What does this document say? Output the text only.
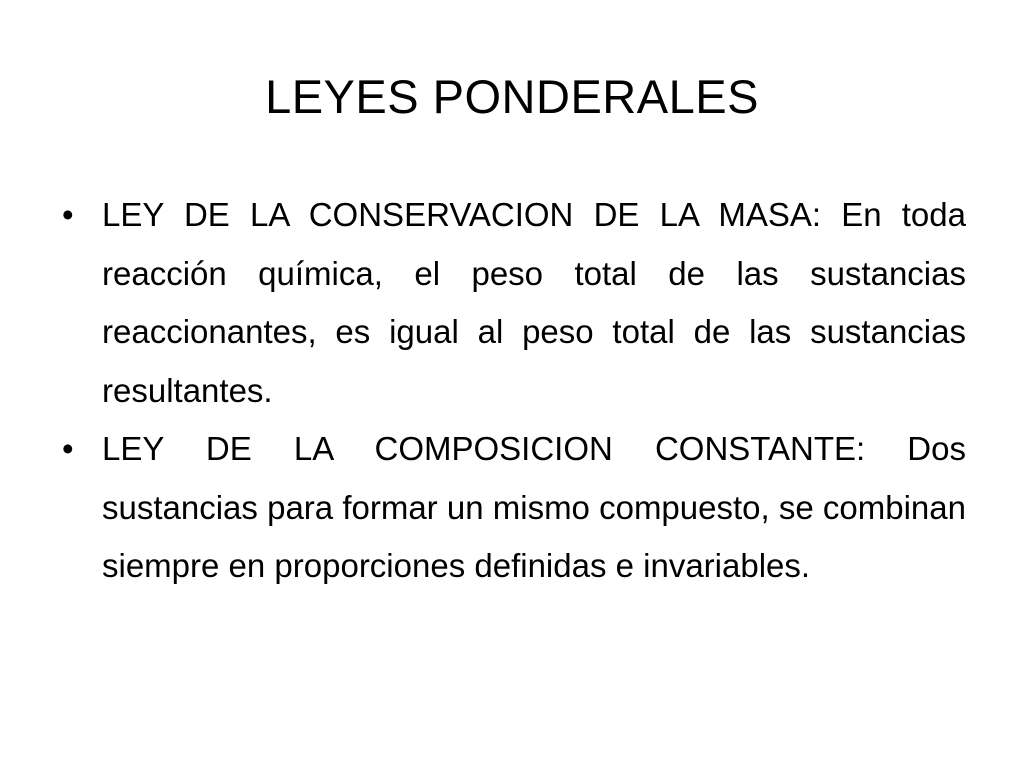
LEYES PONDERALES
• LEY DE LA CONSERVACION DE LA MASA: En toda reacción química, el peso total de las sustancias reaccionantes, es igual al peso total de las sustancias resultantes.
• LEY DE LA COMPOSICION CONSTANTE: Dos sustancias para formar un mismo compuesto, se combinan siempre en proporciones definidas e invariables.
